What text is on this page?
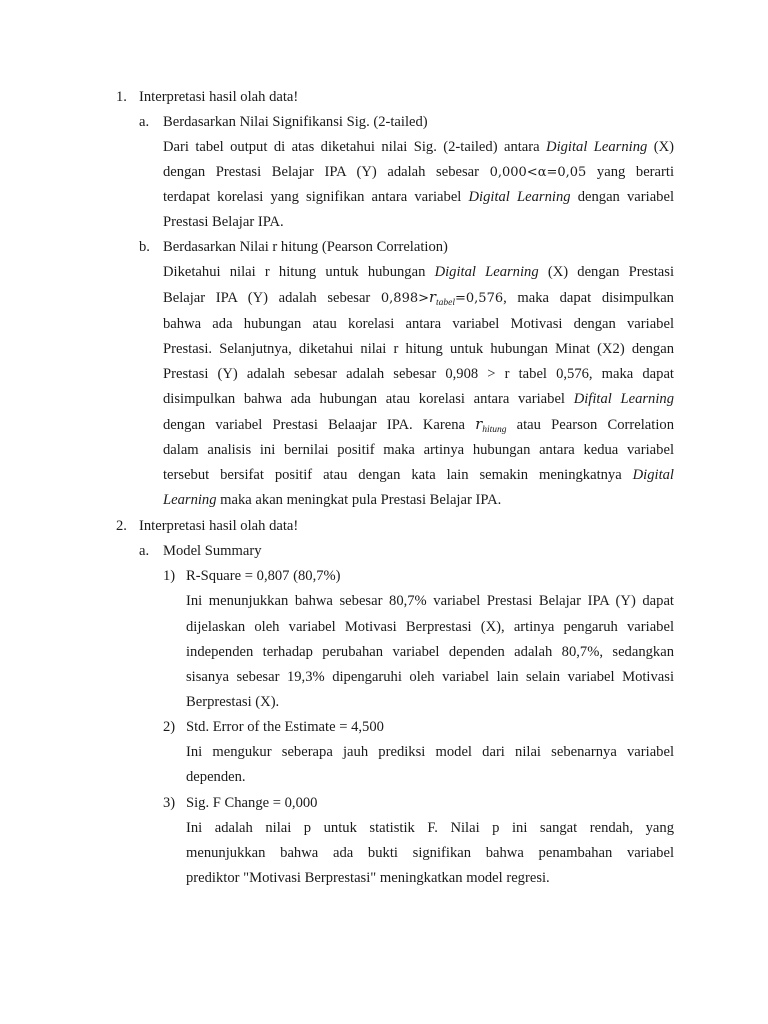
1. Interpretasi hasil olah data!
a. Berdasarkan Nilai Signifikansi Sig. (2-tailed)
Dari tabel output di atas diketahui nilai Sig. (2-tailed) antara Digital Learning (X)
dengan Prestasi Belajar IPA (Y) adalah sebesar 0,000<α=0,05 yang berarti
terdapat korelasi yang signifikan antara variabel Digital Learning dengan variabel
Prestasi Belajar IPA.
b. Berdasarkan Nilai r hitung (Pearson Correlation)
Diketahui nilai r hitung untuk hubungan Digital Learning (X) dengan Prestasi
Belajar IPA (Y) adalah sebesar $0,898>r_{tabel}=0,576$, maka dapat disimpulkan
bahwa ada hubungan atau korelasi antara variabel Motivasi dengan variabel
Prestasi. Selanjutnya, diketahui nilai r hitung untuk hubungan Minat (X2) dengan
Prestasi (Y) adalah sebesar adalah sebesar 0,908 > r tabel 0,576, maka dapat
disimpulkan bahwa ada hubungan atau korelasi antara variabel Difital Learning
dengan variabel Prestasi Belaajar IPA. Karena $r_{hitung}$ atau Pearson Correlation
dalam analisis ini bernilai positif maka artinya hubungan antara kedua variabel
tersebut bersifat positif atau dengan kata lain semakin meningkatnya Digital
Learning maka akan meningkat pula Prestasi Belajar IPA.
2. Interpretasi hasil olah data!
a. Model Summary
1) R-Square = 0,807 (80,7%)
Ini menunjukkan bahwa sebesar 80,7% variabel Prestasi Belajar IPA (Y) dapat
dijelaskan oleh variabel Motivasi Berprestasi (X), artinya pengaruh variabel
independen terhadap perubahan variabel dependen adalah 80,7%, sedangkan
sisanya sebesar 19,3% dipengaruhi oleh variabel lain selain variabel Motivasi
Berprestasi (X).
2) Std. Error of the Estimate = 4,500
Ini mengukur seberapa jauh prediksi model dari nilai sebenarnya variabel
dependen.
3) Sig. F Change = 0,000
Ini adalah nilai p untuk statistik F. Nilai p ini sangat rendah, yang
menunjukkan bahwa ada bukti signifikan bahwa penambahan variabel
prediktor "Motivasi Berprestasi" meningkatkan model regresi.
